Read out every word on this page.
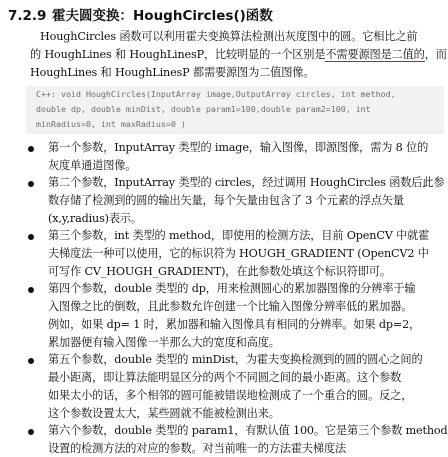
7.2.9 霍夫圆变换：HoughCircles()函数
HoughCircles 函数可以利用霍夫变换算法检测出灰度图中的圆。它相比之前
的 HoughLines 和 HoughLinesP，比较明显的一个区别是不需要源图是二值的，而
HoughLines 和 HoughLinesP 都需要源图为二值图像。
C++: void HoughCircles(InputArray image,OutputArray circles, int method,
double dp, double minDist, double param1=100,double param2=100, int
minRadius=0, int maxRadius=0 )
第一个参数，InputArray 类型的 image，输入图像，即源图像，需为 8 位的
灰度单通道图像。
第二个参数，InputArray 类型的 circles，经过调用 HoughCircles 函数后此参
数存储了检测到的圆的输出矢量，每个矢量由包含了 3 个元素的浮点矢量
(x,y,radius)表示。
第三个参数，int 类型的 method，即使用的检测方法，目前 OpenCV 中就霍
夫梯度法一种可以使用，它的标识符为 HOUGH_GRADIENT (OpenCV2 中
可写作 CV_HOUGH_GRADIENT)，在此参数处填这个标识符即可。
第四个参数，double 类型的 dp，用来检测圆心的累加器图像的分辨率于输
入图像之比的倒数，且此参数允许创建一个比输入图像分辨率低的累加器。
例如，如果 dp= 1 时，累加器和输入图像具有相同的分辨率。如果 dp=2，
累加器便有输入图像一半那么大的宽度和高度。
第五个参数，double 类型的 minDist，为霍夫变换检测到的圆的圆心之间的
最小距离，即让算法能明显区分的两个不同圆之间的最小距离。这个参数
如果太小的话，多个相邻的圆可能被错误地检测成了一个重合的圆。反之，
这个参数设置太大，某些圆就不能被检测出来。
第六个参数，double 类型的 param1，有默认值 100。它是第三个参数 method
设置的检测方法的对应的参数。对当前唯一的方法霍夫梯度法
